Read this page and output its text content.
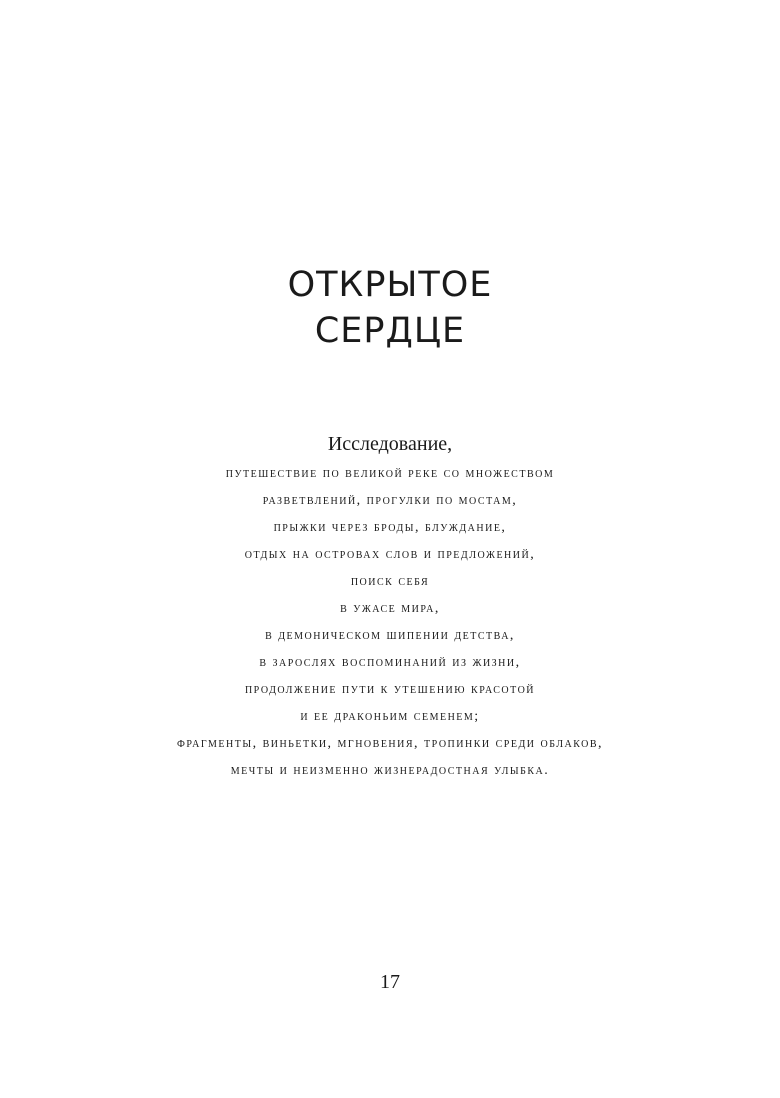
ОТКРЫТОЕ
СЕРДЦЕ
Исследование,
путешествие по великой реке со множеством
разветвлений, прогулки по мостам,
прыжки через броды, блуждание,
отдых на островах слов и предложений,
поиск себя
в ужасе мира,
в демоническом шипении детства,
в зарослях воспоминаний из жизни,
продолжение пути к утешению красотой
и ее драконьим семенем;
фрагменты, виньетки, мгновения, тропинки среди облаков,
мечты и неизменно жизнерадостная улыбка.
17
